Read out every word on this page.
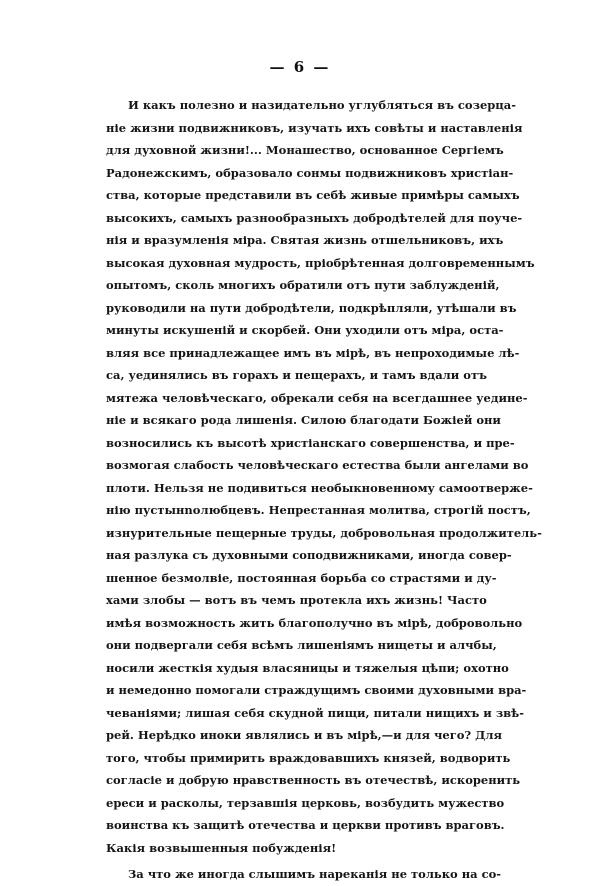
— 6 —
И какъ полезно и назидательно углубляться въ созерца-
ніе жизни подвижниковъ, изучать ихъ совѣты и наставленія
для духовной жизни!... Монашество, основанное Сергіемъ
Радонежскимъ, образовало сонмы подвижниковъ христіан-
ства, которые представили въ себѣ живые примѣры самыхъ
высокихъ, самыхъ разнообразныхъ добродѣтелей для поуче-
нія и вразумленія міра. Святая жизнь отшельниковъ, ихъ
высокая духовная мудрость, пріобрѣтенная долговременнымъ
опытомъ, сколь многихъ обратили отъ пути заблужденій,
руководили на пути добродѣтели, подкрѣпляли, утѣшали въ
минуты искушеній и скорбей. Они уходили отъ міра, оста-
вляя все принадлежащее имъ въ мірѣ, въ непроходимые лѣ-
са, уединялись въ горахъ и пещерахъ, и тамъ вдали отъ
мятежа человѣческаго, обрекали себя на всегдашнее уедине-
ніе и всякаго рода лишенія. Силою благодати Божіей они
возносились къ высотѣ христіанскаго совершенства, и пре-
возмогая слабость человѣческаго естества были ангелами во
плоти. Нельзя не подивиться необыкновенному самоотверже-
нію пустынnолюбцевъ. Непрестанная молитва, строгій постъ,
изнурительные пещерные труды, добровольная продолжитель-
ная разлука съ духовными соподвижниками, иногда совер-
шенное безмолвіе, постоянная борьба со страстями и ду-
хами злобы — вотъ въ чемъ протекла ихъ жизнь! Часто
имѣя возможность жить благополучно въ мірѣ, добровольно
они подвергали себя всѣмъ лишеніямъ нищеты и алчбы,
носили жесткія худыя власяницы и тяжелыя цѣпи; охотно
и немедонно помогали страждущимъ своими духовными вра-
чеваніями; лишая себя скудной пищи, питали нищихъ и звѣ-
рей. Нерѣдко иноки являлись и въ мірѣ,—и для чего? Для
того, чтобы примирить враждовавшихъ князей, водворить
согласіе и добрую нравственность въ отечествѣ, искоренить
ереси и расколы, терзавшія церковь, возбудить мужество
воинства къ защитѣ отечества и церкви противъ враговъ.
Какія возвышенныя побужденія!
За что же иногда слышимъ нареканія не только на со-
